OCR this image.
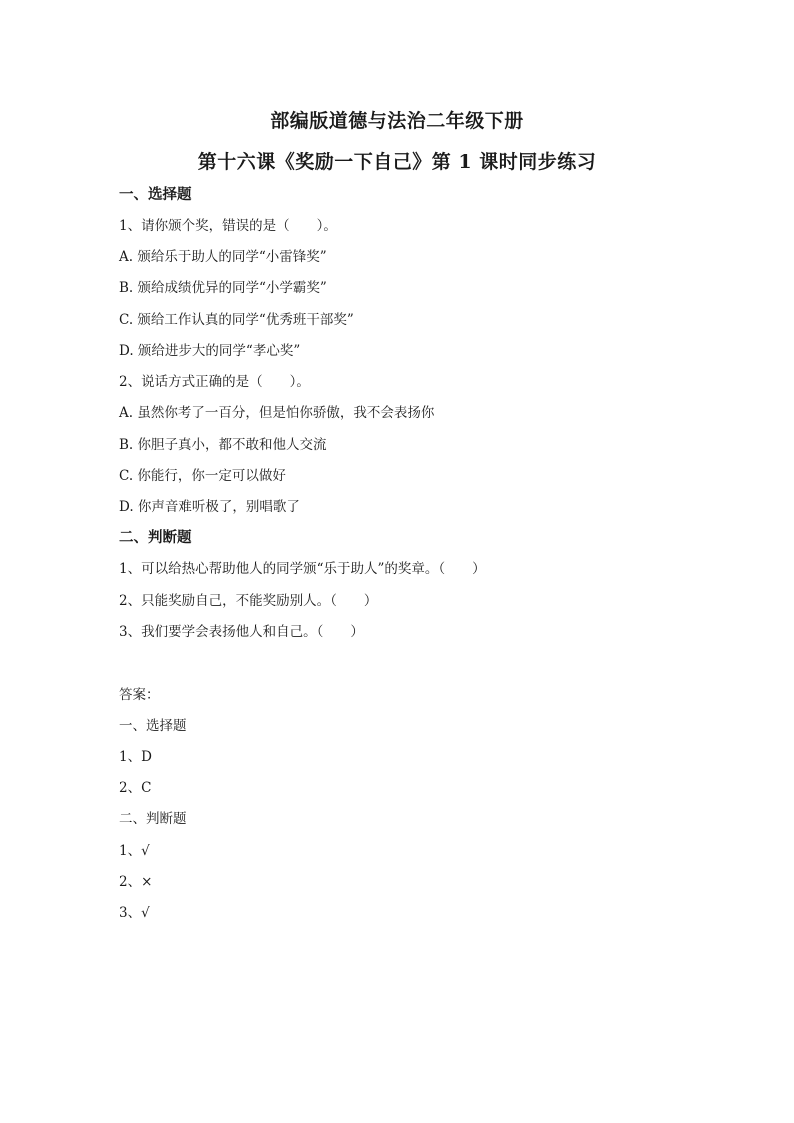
部编版道德与法治二年级下册
第十六课《奖励一下自己》第 1 课时同步练习
一、选择题
1、请你颁个奖，错误的是（　　）。
A. 颁给乐于助人的同学“小雷锋奖”
B. 颁给成绩优异的同学“小学霸奖”
C. 颁给工作认真的同学“优秀班干部奖”
D. 颁给进步大的同学“孝心奖”
2、说话方式正确的是（　　）。
A. 虽然你考了一百分，但是怕你骄傲，我不会表扬你
B. 你胆子真小，都不敢和他人交流
C. 你能行，你一定可以做好
D. 你声音难听极了，别唱歌了
二、判断题
1、可以给热心帮助他人的同学颁“乐于助人”的奖章。（　　）
2、只能奖励自己，不能奖励别人。（　　）
3、我们要学会表扬他人和自己。（　　）
答案：
一、选择题
1、D
2、C
二、判断题
1、√
2、×
3、√
